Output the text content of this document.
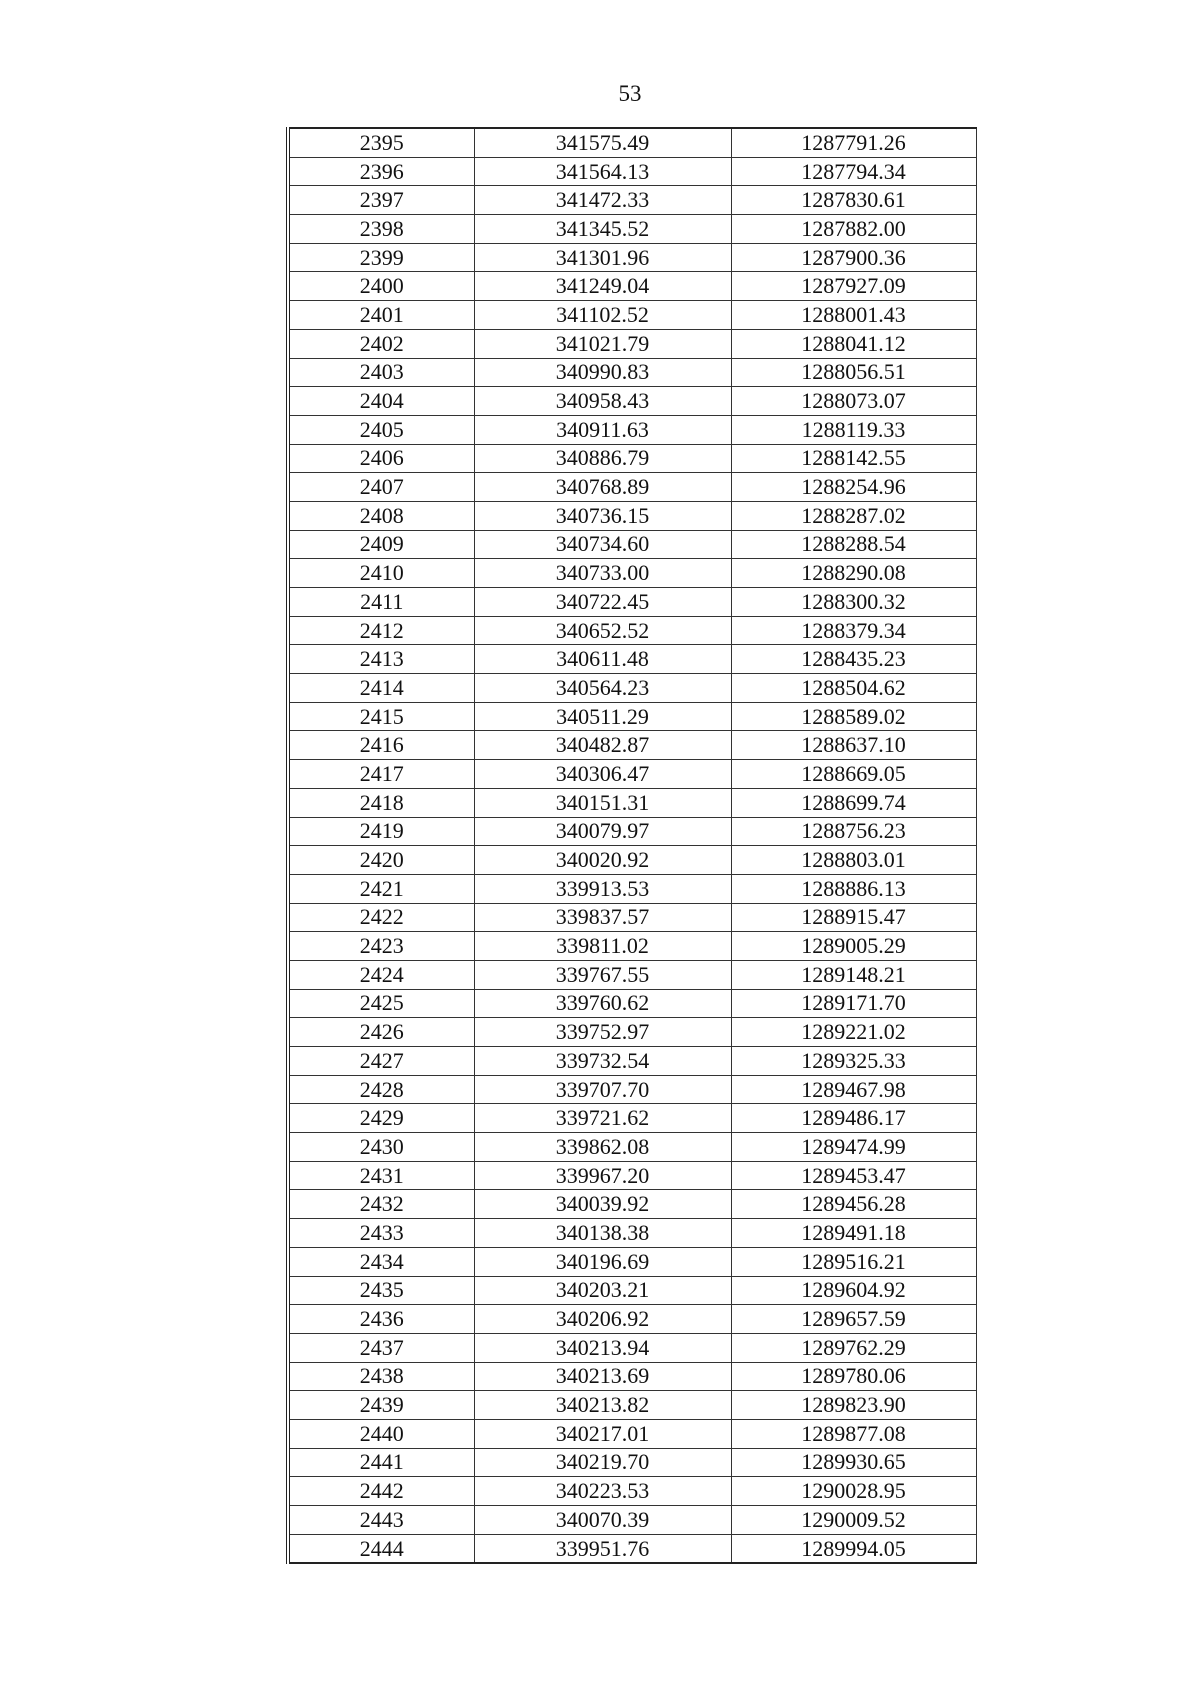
53
2395	341575.49	1287791.26
2396	341564.13	1287794.34
2397	341472.33	1287830.61
2398	341345.52	1287882.00
2399	341301.96	1287900.36
2400	341249.04	1287927.09
2401	341102.52	1288001.43
2402	341021.79	1288041.12
2403	340990.83	1288056.51
2404	340958.43	1288073.07
2405	340911.63	1288119.33
2406	340886.79	1288142.55
2407	340768.89	1288254.96
2408	340736.15	1288287.02
2409	340734.60	1288288.54
2410	340733.00	1288290.08
2411	340722.45	1288300.32
2412	340652.52	1288379.34
2413	340611.48	1288435.23
2414	340564.23	1288504.62
2415	340511.29	1288589.02
2416	340482.87	1288637.10
2417	340306.47	1288669.05
2418	340151.31	1288699.74
2419	340079.97	1288756.23
2420	340020.92	1288803.01
2421	339913.53	1288886.13
2422	339837.57	1288915.47
2423	339811.02	1289005.29
2424	339767.55	1289148.21
2425	339760.62	1289171.70
2426	339752.97	1289221.02
2427	339732.54	1289325.33
2428	339707.70	1289467.98
2429	339721.62	1289486.17
2430	339862.08	1289474.99
2431	339967.20	1289453.47
2432	340039.92	1289456.28
2433	340138.38	1289491.18
2434	340196.69	1289516.21
2435	340203.21	1289604.92
2436	340206.92	1289657.59
2437	340213.94	1289762.29
2438	340213.69	1289780.06
2439	340213.82	1289823.90
2440	340217.01	1289877.08
2441	340219.70	1289930.65
2442	340223.53	1290028.95
2443	340070.39	1290009.52
2444	339951.76	1289994.05
